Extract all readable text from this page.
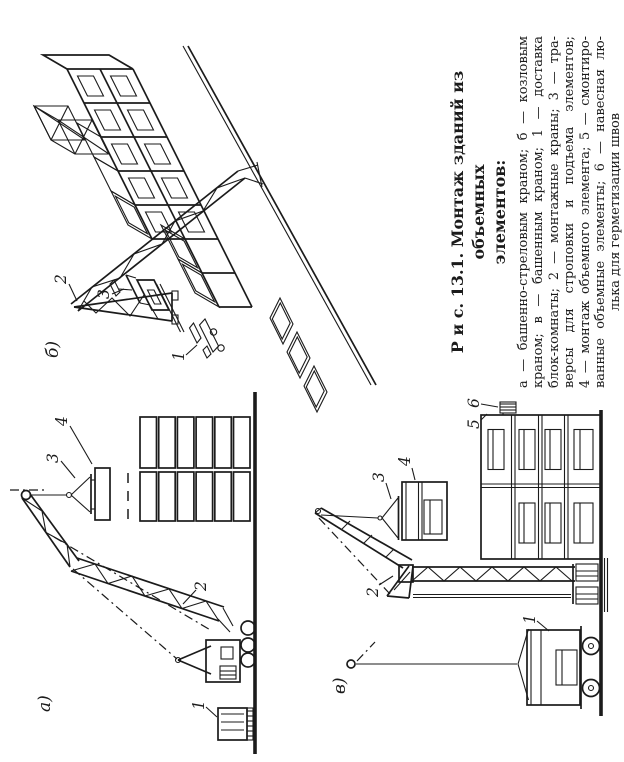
а)	1
2
3
4
б)
2
3
1
в)
1
2
3
4
5
6
Р и с. 13.1. Монтаж зданий из объемных элементов: а — башенно-стреловым краном; б — козловым краном; в — башенным краном; 1 — доставка блок-комнаты; 2 — монтажные краны; 3 — тра- версы для строповки и подъема элементов; 4 — монтаж объемного элемента; 5 — смонтиро- ванные объемные элементы; 6 — навесная лю- лька для герметизации швов
